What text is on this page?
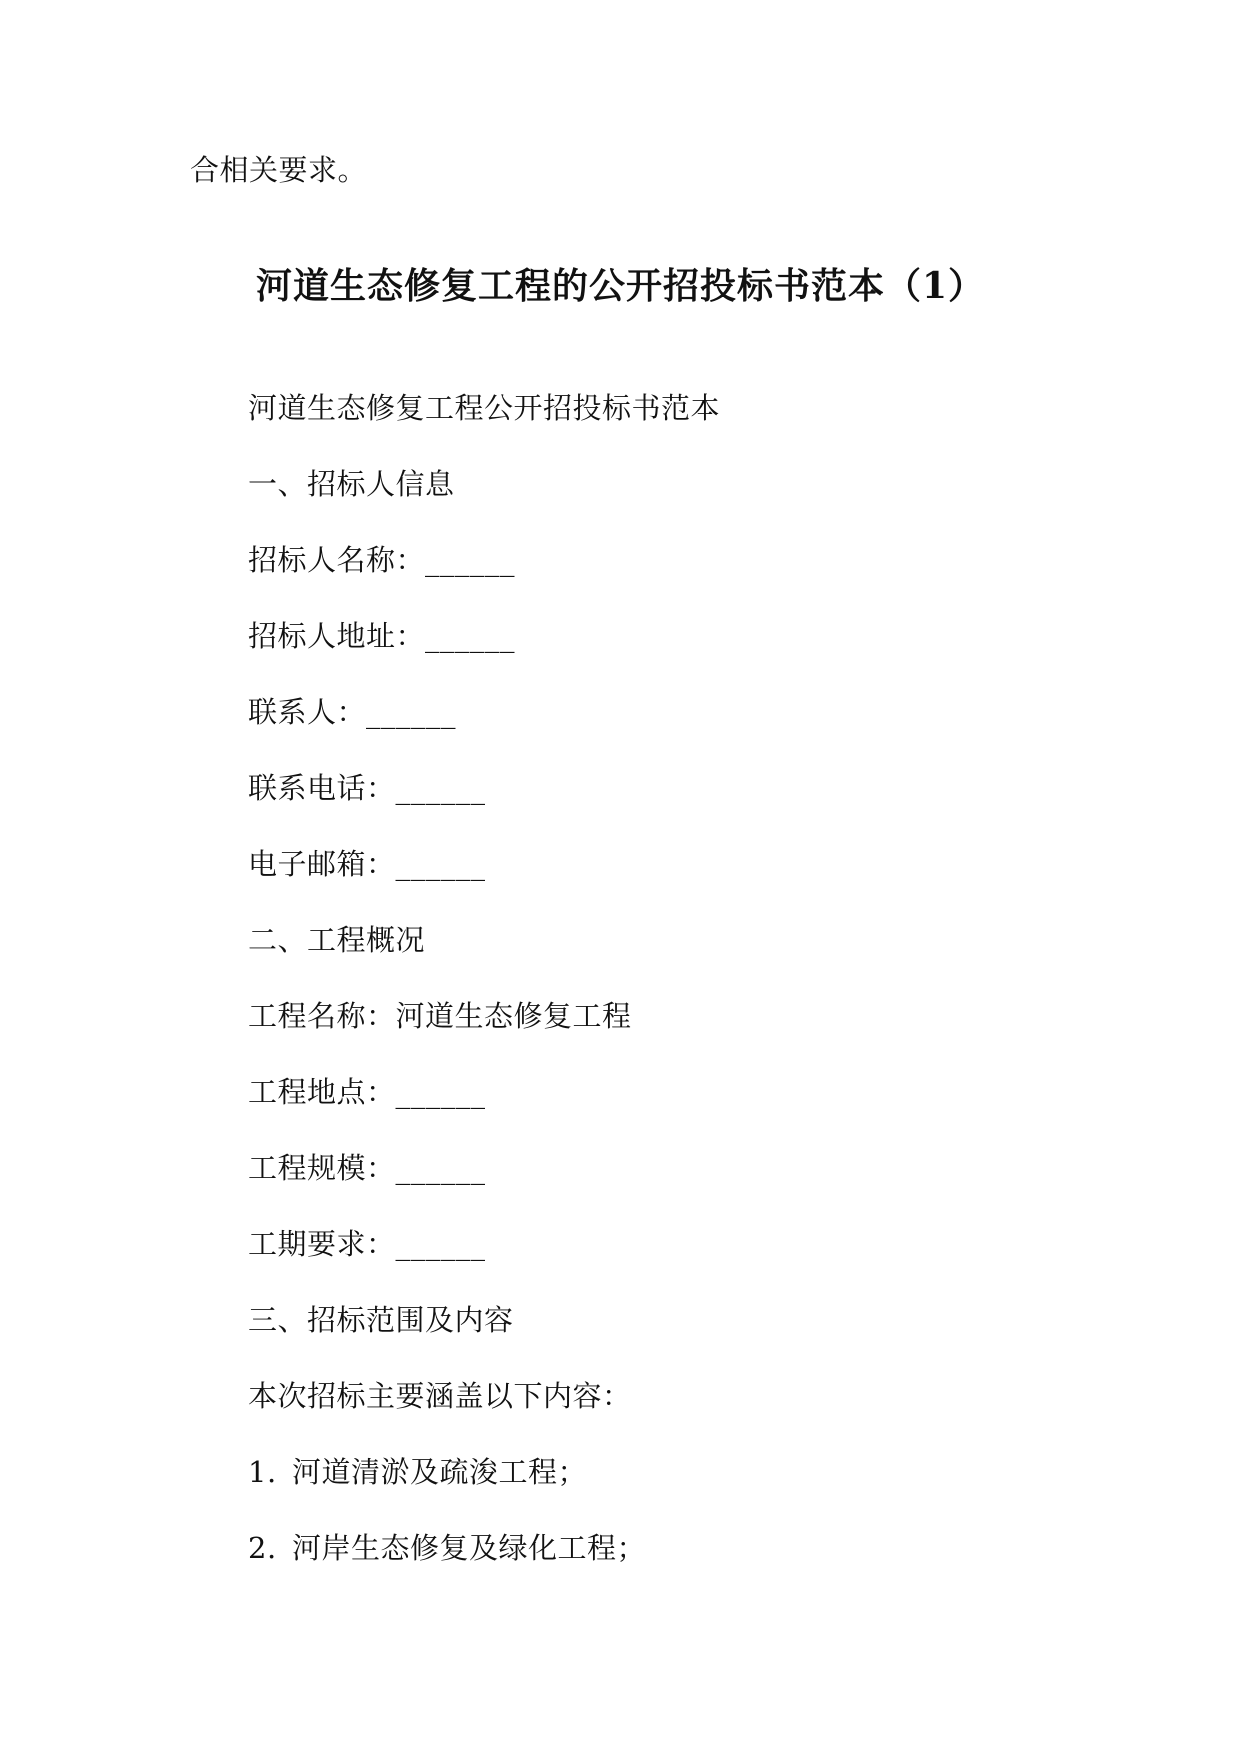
合相关要求。
河道生态修复工程的公开招投标书范本（1）
河道生态修复工程公开招投标书范本
一、招标人信息
招标人名称：______
招标人地址：______
联系人：______
联系电话：______
电子邮箱：______
二、工程概况
工程名称：河道生态修复工程
工程地点：______
工程规模：______
工期要求：______
三、招标范围及内容
本次招标主要涵盖以下内容：
1. 河道清淤及疏浚工程；
2. 河岸生态修复及绿化工程；
